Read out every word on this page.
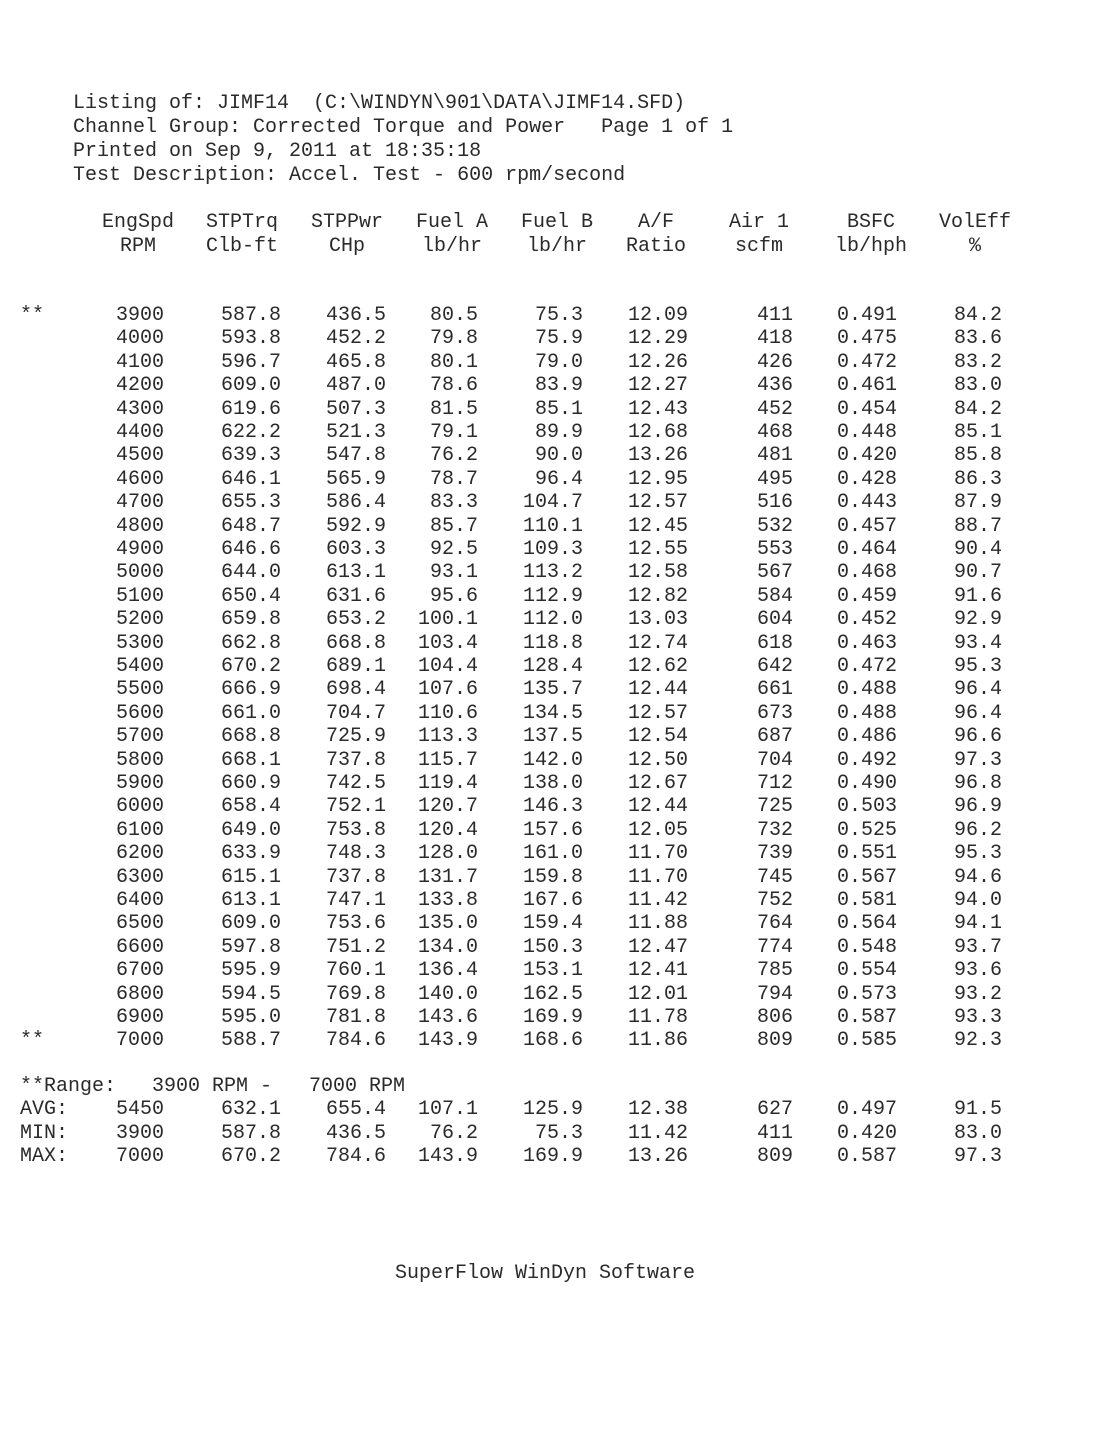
Listing of: JIMF14  (C:\WINDYN\901\DATA\JIMF14.SFD)
Channel Group: Corrected Torque and Power   Page 1 of 1
Printed on Sep 9, 2011 at 18:35:18
Test Description: Accel. Test - 600 rpm/second
EngSpd	STPTrq	STPPwr	Fuel A	Fuel B	A/F	Air 1	BSFC	VolEff
RPM	Clb-ft	CHp	lb/hr	lb/hr	Ratio	scfm	lb/hph	%
**	3900	587.8 436.5 80.5	75.3 12.09	411 0.491	84.2
4000	593.8 452.2 79.8	75.9 12.29	418 0.475	83.6
4100	596.7 465.8 80.1	79.0 12.26	426 0.472	83.2
4200	609.0 487.0 78.6	83.9 12.27	436 0.461	83.0
4300	619.6 507.3 81.5	85.1 12.43	452 0.454	84.2
4400	622.2 521.3 79.1	89.9 12.68	468 0.448	85.1
4500	639.3 547.8 76.2	90.0 13.26	481 0.420	85.8
4600	646.1 565.9 78.7	96.4 12.95	495 0.428	86.3
4700	655.3 586.4 83.3 104.7 12.57	516 0.443	87.9
4800	648.7 592.9 85.7 110.1 12.45	532 0.457	88.7
4900	646.6 603.3 92.5 109.3 12.55	553 0.464	90.4
5000	644.0 613.1 93.1 113.2 12.58	567 0.468	90.7
5100	650.4 631.6 95.6 112.9 12.82	584 0.459	91.6
5200	659.8 653.2 100.1 112.0 13.03	604 0.452	92.9
5300	662.8 668.8 103.4 118.8 12.74	618 0.463	93.4
5400	670.2 689.1 104.4 128.4 12.62	642 0.472	95.3
5500	666.9 698.4 107.6 135.7 12.44	661 0.488	96.4
5600	661.0 704.7 110.6 134.5 12.57	673 0.488	96.4
5700	668.8 725.9 113.3 137.5 12.54	687 0.486	96.6
5800	668.1 737.8 115.7 142.0 12.50	704 0.492	97.3
5900	660.9 742.5 119.4 138.0 12.67	712 0.490	96.8
6000	658.4 752.1 120.7 146.3 12.44	725 0.503	96.9
6100	649.0 753.8 120.4 157.6 12.05	732 0.525	96.2
6200	633.9 748.3 128.0 161.0 11.70	739 0.551	95.3
6300	615.1 737.8 131.7 159.8 11.70	745 0.567	94.6
6400	613.1 747.1 133.8 167.6 11.42	752 0.581	94.0
6500	609.0 753.6 135.0 159.4 11.88	764 0.564	94.1
6600	597.8 751.2 134.0 150.3 12.47	774 0.548	93.7
6700	595.9 760.1 136.4 153.1 12.41	785 0.554	93.6
6800	594.5 769.8 140.0 162.5 12.01	794 0.573	93.2
6900	595.0 781.8 143.6 169.9 11.78	806 0.587	93.3
**	7000	588.7 784.6 143.9 168.6 11.86	809 0.585	92.3
**Range: 3900 RPM - 7000 RPM
AVG: 5450	632.1 655.4 107.1 125.9 12.38	627 0.497	91.5
MIN: 3900	587.8 436.5 76.2	75.3 11.42	411 0.420	83.0
MAX: 7000	670.2 784.6 143.9 169.9 13.26	809 0.587	97.3
SuperFlow WinDyn Software
